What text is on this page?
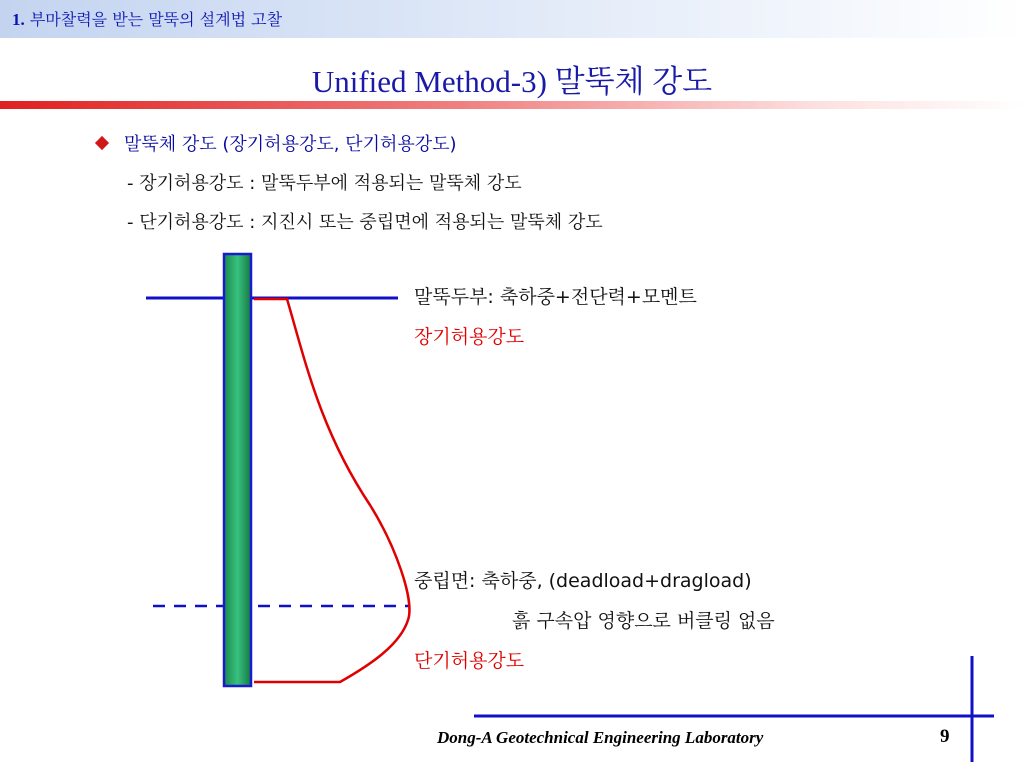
1. 부마찰력을 받는 말뚝의 설계법 고찰
Unified Method-3) 말뚝체 강도
말뚝체 강도 (장기허용강도, 단기허용강도)
- 장기허용강도 : 말뚝두부에 적용되는 말뚝체 강도
- 단기허용강도 : 지진시 또는 중립면에 적용되는 말뚝체 강도
말뚝두부: 축하중+전단력+모멘트
장기허용강도
중립면: 축하중, (deadload+dragload)
흙 구속압 영향으로 버클링 없음
단기허용강도
Dong-A Geotechnical Engineering Laboratory	9
